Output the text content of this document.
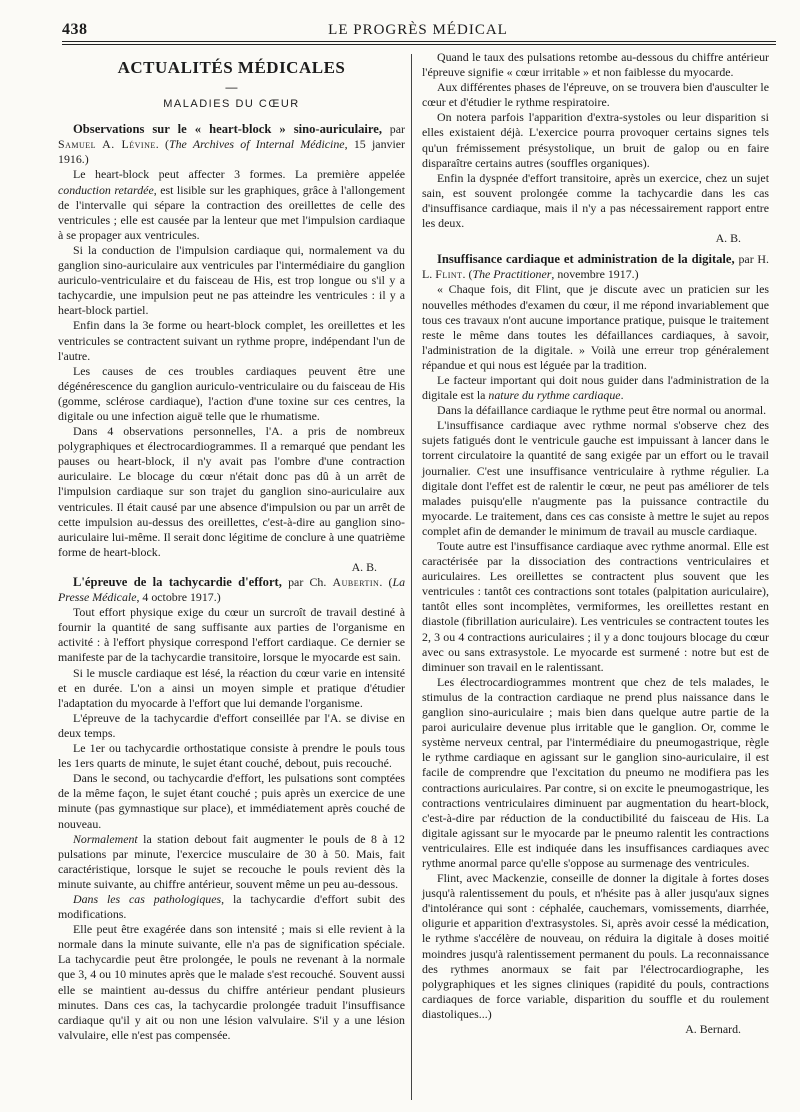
438	LE PROGRÈS MÉDICAL
ACTUALITÉS MÉDICALES
—
MALADIES DU CŒUR

Observations sur le « heart-block » sino-auriculaire, par Samuel A. Lévine. (The Archives of Internal Médicine, 15 janvier 1916.)

Le heart-block peut affecter 3 formes. La première appelée conduction retardée, est lisible sur les graphiques, grâce à l'allongement de l'intervalle qui sépare la contraction des oreillettes de celle des ventricules ; elle est causée par la lenteur que met l'impulsion cardiaque à se propager aux ventricules.

Si la conduction de l'impulsion cardiaque qui, normalement va du ganglion sino-auriculaire aux ventricules par l'intermédiaire du ganglion auriculo-ventriculaire et du faisceau de His, est trop longue ou s'il y a tachycardie, une impulsion peut ne pas atteindre les ventricules : il y a heart-block partiel.

Enfin dans la 3e forme ou heart-block complet, les oreillettes et les ventricules se contractent suivant un rythme propre, indépendant l'un de l'autre.

Les causes de ces troubles cardiaques peuvent être une dégénérescence du ganglion auriculo-ventriculaire ou du faisceau de His (gomme, sclérose cardiaque), l'action d'une toxine sur ces centres, la digitale ou une infection aiguë telle que le rhumatisme.

Dans 4 observations personnelles, l'A. a pris de nombreux polygraphiques et électrocardiogrammes. Il a remarqué que pendant les pauses ou heart-block, il n'y avait pas l'ombre d'une contraction auriculaire. Le blocage du cœur n'était donc pas dû à un arrêt de l'impulsion cardiaque sur son trajet du ganglion sino-auriculaire aux ventricules. Il était causé par une absence d'impulsion ou par un arrêt de cette impulsion au-dessus des oreillettes, c'est-à-dire au ganglion sino-auriculaire lui-même. Il serait donc légitime de conclure à une quatrième forme de heart-block.

A. B.

L'épreuve de la tachycardie d'effort, par Ch. Aubertin. (La Presse Médicale, 4 octobre 1917.)

Tout effort physique exige du cœur un surcroît de travail destiné à fournir la quantité de sang suffisante aux parties de l'organisme en activité : à l'effort physique correspond l'effort cardiaque. Ce dernier se manifeste par de la tachycardie transitoire, lorsque le myocarde est sain.

Si le muscle cardiaque est lésé, la réaction du cœur varie en intensité et en durée. L'on a ainsi un moyen simple et pratique d'étudier l'adaptation du myocarde à l'effort que lui demande l'organisme.

L'épreuve de la tachycardie d'effort conseillée par l'A. se divise en deux temps.

Le 1er ou tachycardie orthostatique consiste à prendre le pouls tous les 1ers quarts de minute, le sujet étant couché, debout, puis recouché.

Dans le second, ou tachycardie d'effort, les pulsations sont comptées de la même façon, le sujet étant couché ; puis après un exercice de une minute (pas gymnastique sur place), et immédiatement après couché de nouveau.

Normalement la station debout fait augmenter le pouls de 8 à 12 pulsations par minute, l'exercice musculaire de 30 à 50. Mais, fait caractéristique, lorsque le sujet se recouche le pouls revient dès la minute suivante, au chiffre antérieur, souvent même un peu au-dessous.

Dans les cas pathologiques, la tachycardie d'effort subit des modifications.

Elle peut être exagérée dans son intensité ; mais si elle revient à la normale dans la minute suivante, elle n'a pas de signification spéciale. La tachycardie peut être prolongée, le pouls ne revenant à la normale que 3, 4 ou 10 minutes après que le malade s'est recouché. Souvent aussi elle se maintient au-dessus du chiffre antérieur pendant plusieurs minutes. Dans ces cas, la tachycardie prolongée traduit l'insuffisance cardiaque qu'il y ait ou non une lésion valvulaire. S'il y a une lésion valvulaire, elle n'est pas compensée.

Quand le taux des pulsations retombe au-dessous du chiffre antérieur l'épreuve signifie « cœur irritable » et non faiblesse du myocarde.

Aux différentes phases de l'épreuve, on se trouvera bien d'ausculter le cœur et d'étudier le rythme respiratoire.

On notera parfois l'apparition d'extra-systoles ou leur disparition si elles existaient déjà. L'exercice pourra provoquer certains signes tels qu'un frémissement présystolique, un bruit de galop ou en faire disparaître certains autres (souffles organiques).

Enfin la dyspnée d'effort transitoire, après un exercice, chez un sujet sain, est souvent prolongée comme la tachycardie dans les cas d'insuffisance cardiaque, mais il n'y a pas nécessairement rapport entre les deux.

A. B.

Insuffisance cardiaque et administration de la digitale, par H. L. Flint. (The Practitioner, novembre 1917.)

« Chaque fois, dit Flint, que je discute avec un praticien sur les nouvelles méthodes d'examen du cœur, il me répond invariablement que tous ces travaux n'ont aucune importance pratique, puisque le traitement reste le même dans toutes les défaillances cardiaques, à savoir, l'administration de la digitale. » Voilà une erreur trop généralement répandue et qui nous est léguée par la tradition.

Le facteur important qui doit nous guider dans l'administration de la digitale est la nature du rythme cardiaque.

Dans la défaillance cardiaque le rythme peut être normal ou anormal.

L'insuffisance cardiaque avec rythme normal s'observe chez des sujets fatigués dont le ventricule gauche est impuissant à lancer dans le torrent circulatoire la quantité de sang exigée par un effort ou le travail journalier. C'est une insuffisance ventriculaire à rythme régulier. La digitale dont l'effet est de ralentir le cœur, ne peut pas améliorer de tels malades puisqu'elle n'augmente pas la puissance contractile du myocarde. Le traitement, dans ces cas consiste à mettre le sujet au repos complet afin de demander le minimum de travail au muscle cardiaque.

Toute autre est l'insuffisance cardiaque avec rythme anormal. Elle est caractérisée par la dissociation des contractions ventriculaires et auriculaires. Les oreillettes se contractent plus souvent que les ventricules : tantôt ces contractions sont totales (palpitation auriculaire), tantôt elles sont incomplètes, vermiformes, les oreillettes restant en diastole (fibrillation auriculaire). Les ventricules se contractent toutes les 2, 3 ou 4 contractions auriculaires ; il y a donc toujours blocage du cœur avec ou sans extrasystole. Le myocarde est surmené : notre but est de diminuer son travail en le ralentissant.

Les électrocardiogrammes montrent que chez de tels malades, le stimulus de la contraction cardiaque ne prend plus naissance dans le ganglion sino-auriculaire ; mais bien dans quelque autre partie de la paroi auriculaire devenue plus irritable que le ganglion. Or, comme le système nerveux central, par l'intermédiaire du pneumogastrique, règle le rythme cardiaque en agissant sur le ganglion sino-auriculaire, il est facile de comprendre que l'excitation du pneumo ne modifiera pas les contractions auriculaires. Par contre, si on excite le pneumogastrique, les contractions ventriculaires diminuent par augmentation du heart-block, c'est-à-dire par réduction de la conductibilité du faisceau de His. La digitale agissant sur le myocarde par le pneumo ralentit les contractions ventriculaires. Elle est indiquée dans les insuffisances cardiaques avec rythme anormal parce qu'elle s'oppose au surmenage des ventricules.

Flint, avec Mackenzie, conseille de donner la digitale à fortes doses jusqu'à ralentissement du pouls, et n'hésite pas à aller jusqu'aux signes d'intolérance qui sont : céphalée, cauchemars, vomissements, diarrhée, oligurie et apparition d'extrasystoles. Si, après avoir cessé la médication, le rythme s'accélère de nouveau, on réduira la digitale à doses moitié moindres jusqu'à ralentissement permanent du pouls. La reconnaissance des rythmes anormaux se fait par l'électrocardiographe, les polygraphiques et les signes cliniques (rapidité du pouls, contractions cardiaques de force variable, disparition du souffle et du roulement diastoliques...)

A. Bernard.
